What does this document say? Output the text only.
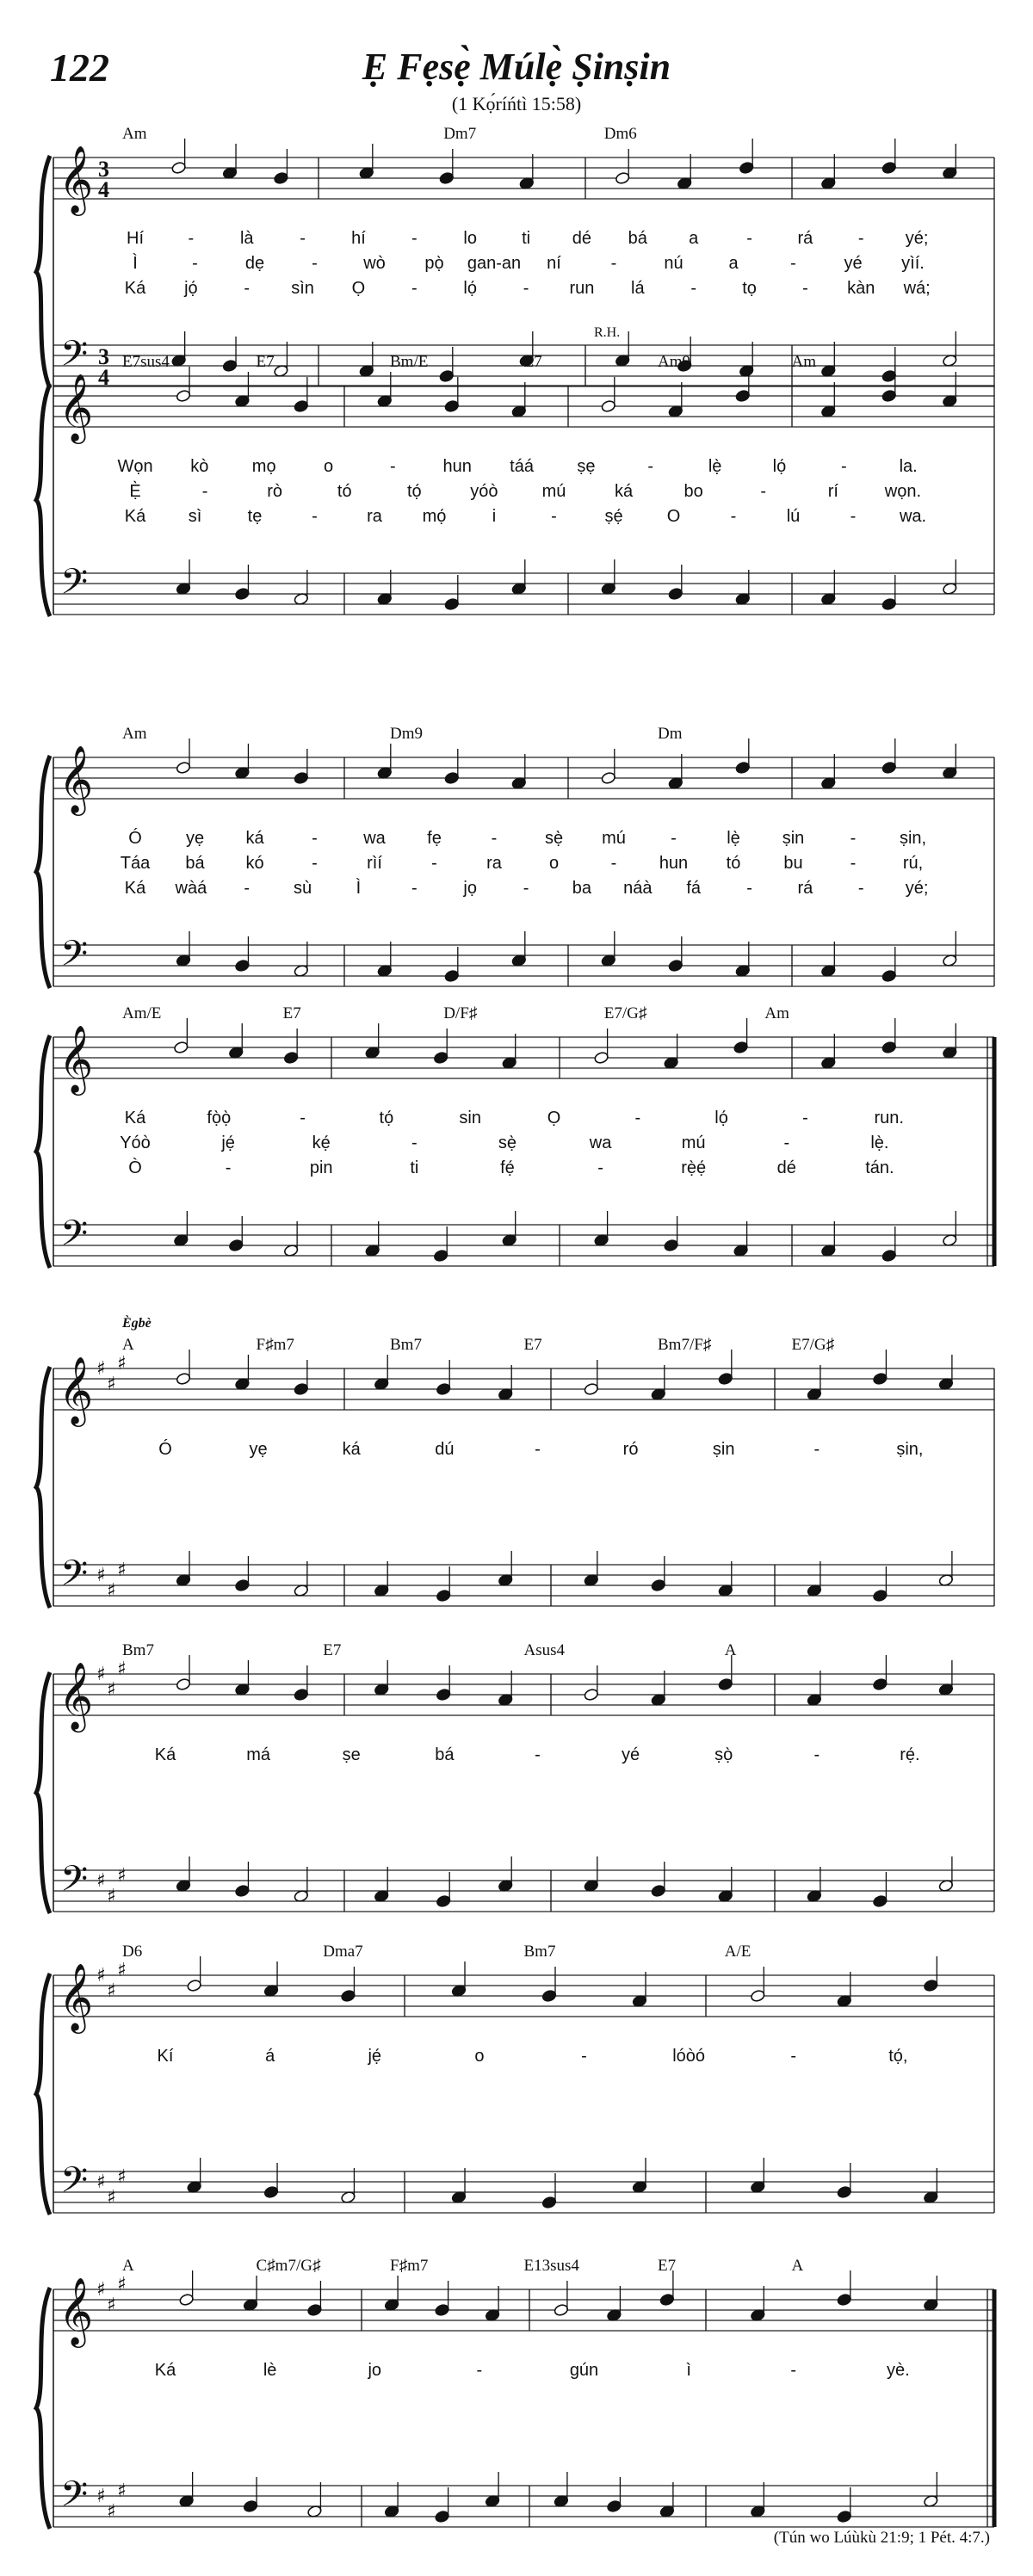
122	Ẹ Fẹsẹ̀ Múlẹ̀ Ṣinṣin
(1 Kọ́ríńtì 15:58)
𝄞
𝄢
3
4
3
4
Am	Dm7	Dm6
R.H.
Hí	-	là	-	hí	-	lo	ti dé bá a	-	rá	- yé;
Ì	-	dẹ	-	wò pọ̀ gan-an ní	-	nú	a	-	yé yìí.
Ká jọ́	- sìn Ọ	-	lọ́	- run lá	-	tọ	- kàn wá;
𝄞
𝄢
E7sus4	E7	Bm/E	E7	Am9	Am
Wọn kò	mọ	o	-	hun táá	ṣẹ	-	lẹ̀	lọ́	-	la.
Ẹ̀	-	rò	tó	tọ́	yóò	mú	ká	bo	-	rí	wọn.
Ká sì	tẹ	-	ra mọ́	i	-	ṣẹ́	O	-	lú	-	wa.
𝄞
𝄢
Am	Dm9	Dm
Ó	yẹ ká	-	wa fẹ	-	sẹ̀ mú	-	lẹ̀ ṣin	-	ṣin,
Táa bá kó	-	rìí	-	ra	o	- hun tó	bu	-	rú,
Ká wàá -	sù	Ì	-	jọ	-	ba náà fá	-	rá	- yé;
𝄞
𝄢
Am/E	E7	D/F♯	E7/G♯	Am
Ká	fọ̀ọ̀	-	tọ́	sin	Ọ	-	lọ́	-	run.
Yóò	jẹ́	kẹ́	-	sẹ̀	wa	mú	-	lẹ̀.
Ò	-	pin	ti	fẹ́	-	rẹ̀ẹ́	dé	tán.
𝄞
𝄢
♯
♯
♯
♯
♯
♯
A	F♯m7	Bm7	E7	Bm7/F♯	E7/G♯
Ègbè
Ó	yẹ	ká	dú	-	ró	ṣin	-	ṣin,
𝄞
𝄢
♯
♯
♯
♯
♯
♯
Bm7	E7	Asus4	A
Ká	má	ṣe	bá	-	yé	ṣọ̀	-	rẹ́.
𝄞
𝄢
♯
♯
♯
♯
♯
♯
D6	Dma7	Bm7	A/E
Kí	á	jẹ́	o	-	lóòó	-	tọ́,
𝄞
𝄢
♯
♯
♯
♯
♯
♯
A	C♯m7/G♯	F♯m7	E13sus4	E7	A
Ká	lè	jo	-	gún	ì	-	yè.
(Tún wo Lúùkù 21:9; 1 Pét. 4:7.)
